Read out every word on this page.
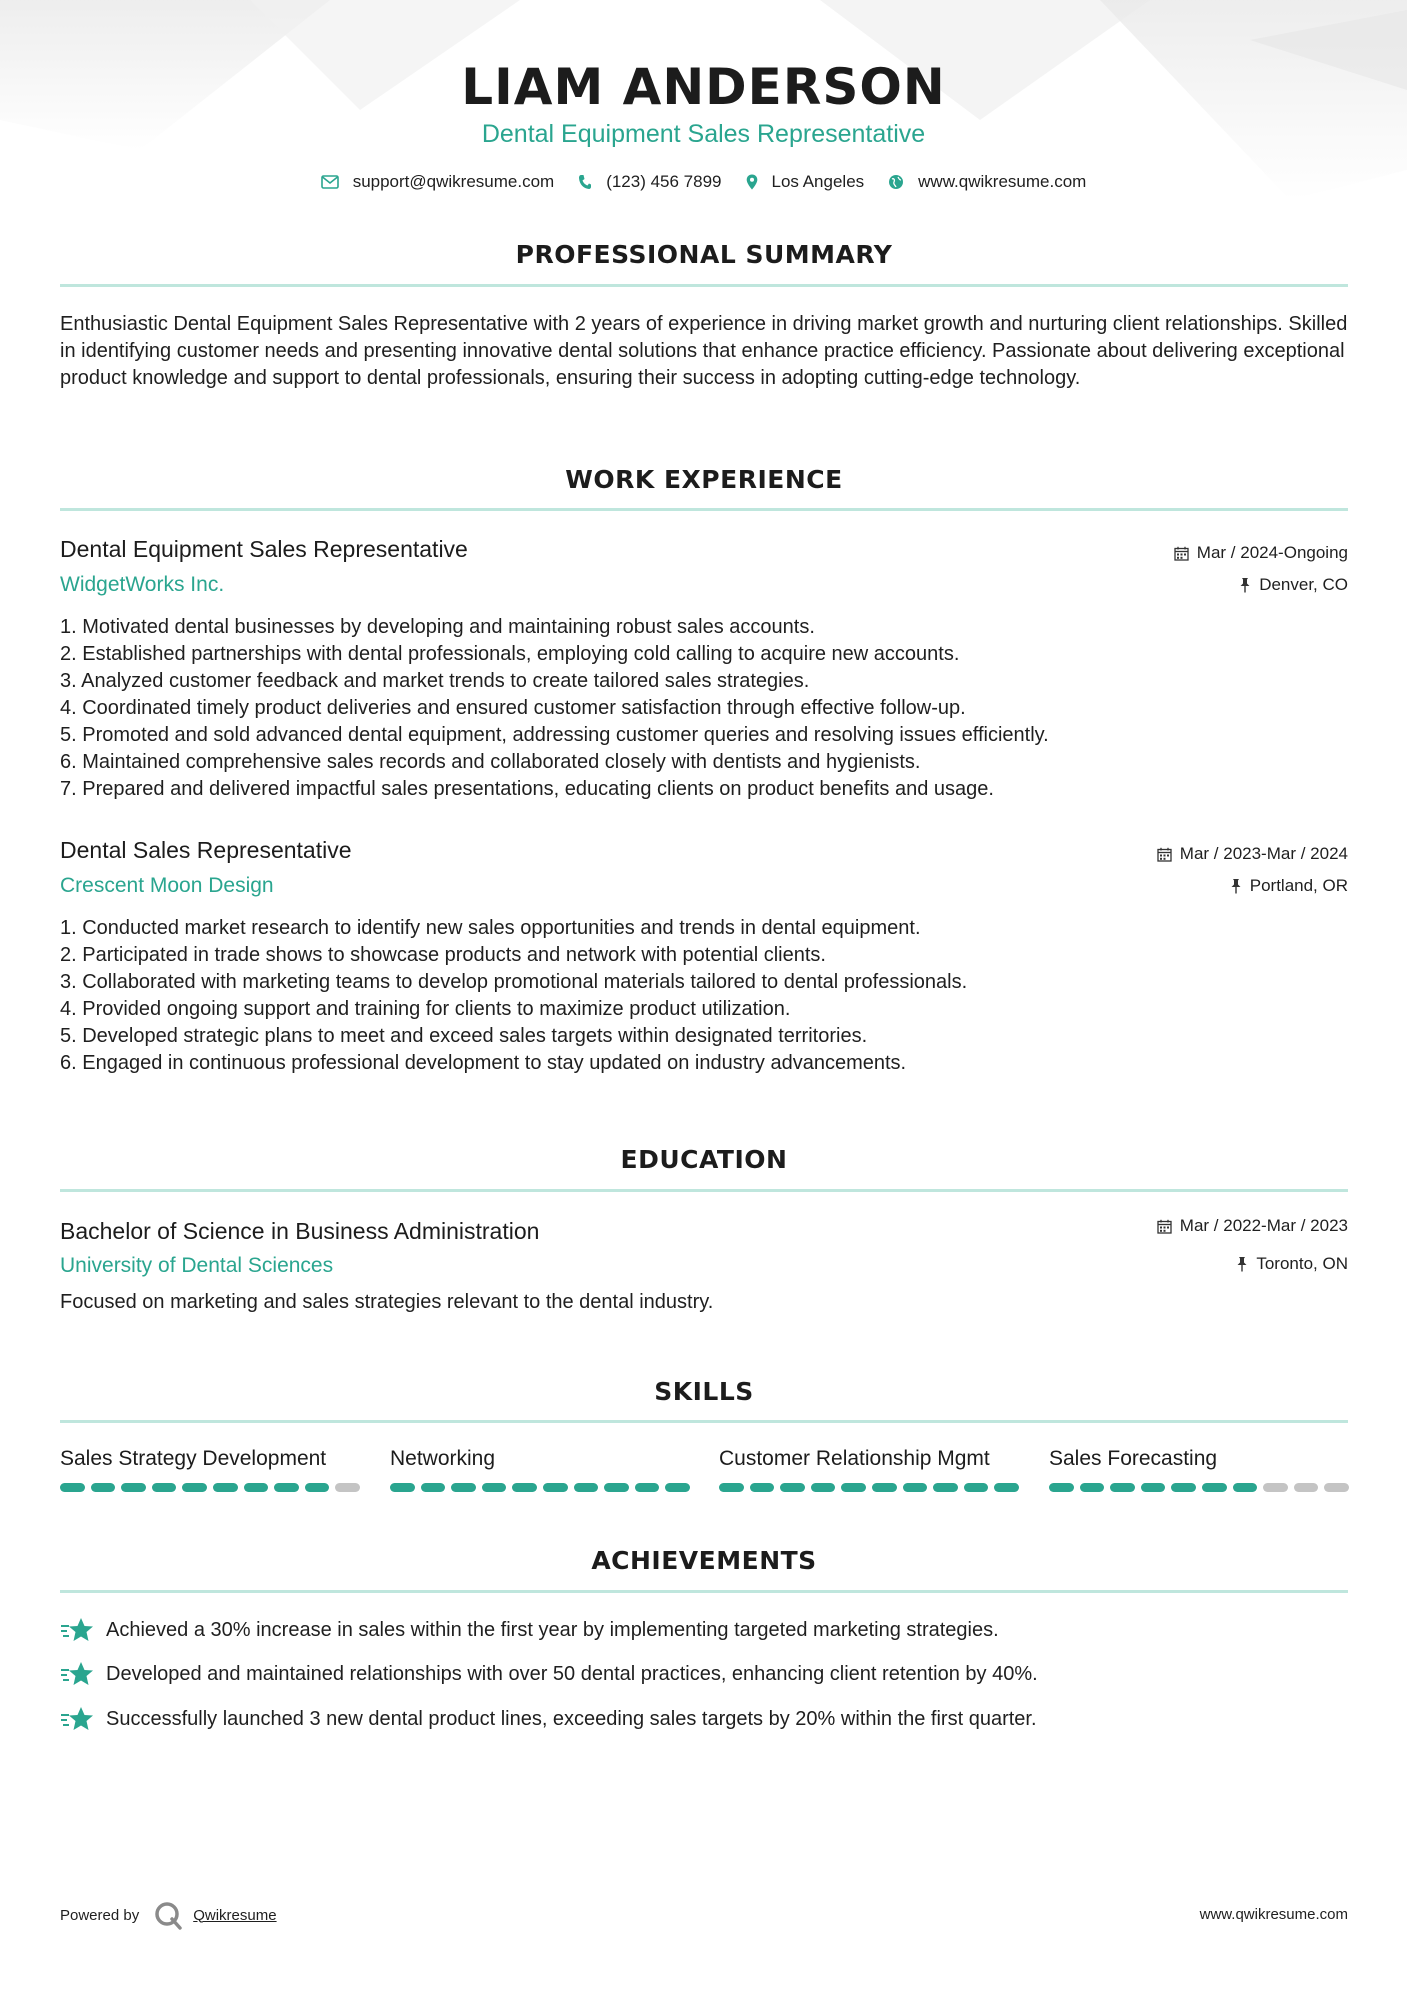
LIAM ANDERSON
Dental Equipment Sales Representative
support@qwikresume.com	(123) 456 7899	Los Angeles	www.qwikresume.com
PROFESSIONAL SUMMARY
Enthusiastic Dental Equipment Sales Representative with 2 years of experience in driving market growth and nurturing client relationships. Skilled in identifying customer needs and presenting innovative dental solutions that enhance practice efficiency. Passionate about delivering exceptional product knowledge and support to dental professionals, ensuring their success in adopting cutting-edge technology.
WORK EXPERIENCE
Dental Equipment Sales Representative
WidgetWorks Inc.
Mar / 2024-Ongoing
Denver, CO
1. Motivated dental businesses by developing and maintaining robust sales accounts.
2. Established partnerships with dental professionals, employing cold calling to acquire new accounts.
3. Analyzed customer feedback and market trends to create tailored sales strategies.
4. Coordinated timely product deliveries and ensured customer satisfaction through effective follow-up.
5. Promoted and sold advanced dental equipment, addressing customer queries and resolving issues efficiently.
6. Maintained comprehensive sales records and collaborated closely with dentists and hygienists.
7. Prepared and delivered impactful sales presentations, educating clients on product benefits and usage.
Dental Sales Representative
Crescent Moon Design
Mar / 2023-Mar / 2024
Portland, OR
1. Conducted market research to identify new sales opportunities and trends in dental equipment.
2. Participated in trade shows to showcase products and network with potential clients.
3. Collaborated with marketing teams to develop promotional materials tailored to dental professionals.
4. Provided ongoing support and training for clients to maximize product utilization.
5. Developed strategic plans to meet and exceed sales targets within designated territories.
6. Engaged in continuous professional development to stay updated on industry advancements.
EDUCATION
Bachelor of Science in Business Administration
University of Dental Sciences
Mar / 2022-Mar / 2023
Toronto, ON
Focused on marketing and sales strategies relevant to the dental industry.
SKILLS
Sales Strategy Development	Networking	Customer Relationship Mgmt	Sales Forecasting
ACHIEVEMENTS
Achieved a 30% increase in sales within the first year by implementing targeted marketing strategies.
Developed and maintained relationships with over 50 dental practices, enhancing client retention by 40%.
Successfully launched 3 new dental product lines, exceeding sales targets by 20% within the first quarter.
Powered by	Qwikresume	www.qwikresume.com
